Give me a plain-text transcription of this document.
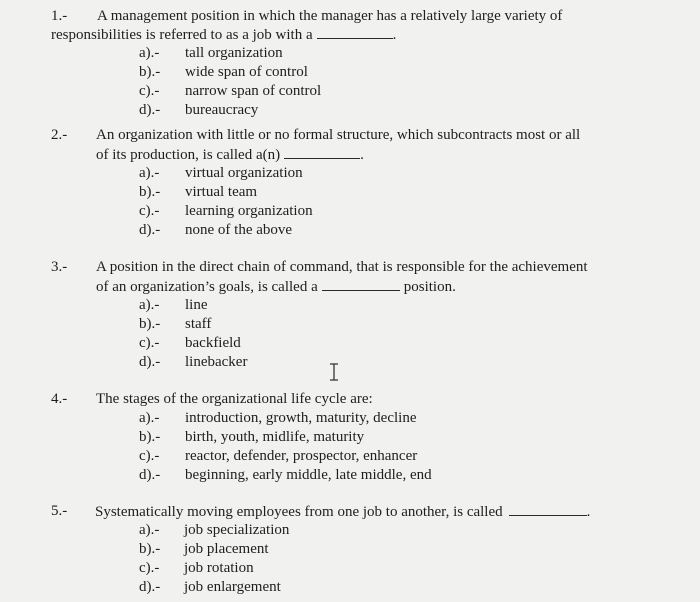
1.- A management position in which the manager has a relatively large variety of
responsibilities is referred to as a job with a	.
a).- tall organization
b).- wide span of control
c).- narrow span of control
d).- bureaucracy
2.- An organization with little or no formal structure, which subcontracts most or all
of its production, is called a(n)	.
a).- virtual organization
b).- virtual team
c).- learning organization
d).- none of the above
3.- A position in the direct chain of command, that is responsible for the achievement
of an organization’s goals, is called a	position.
a).- line
b).- staff
c).- backfield
d).- linebacker
4.- The stages of the organizational life cycle are:
a).- introduction, growth, maturity, decline
b).- birth, youth, midlife, maturity
c).- reactor, defender, prospector, enhancer
d).- beginning, early middle, late middle, end
5.- Systematically moving employees from one job to another, is called	.
a).- job specialization
b).- job placement
c).- job rotation
d).- job enlargement
